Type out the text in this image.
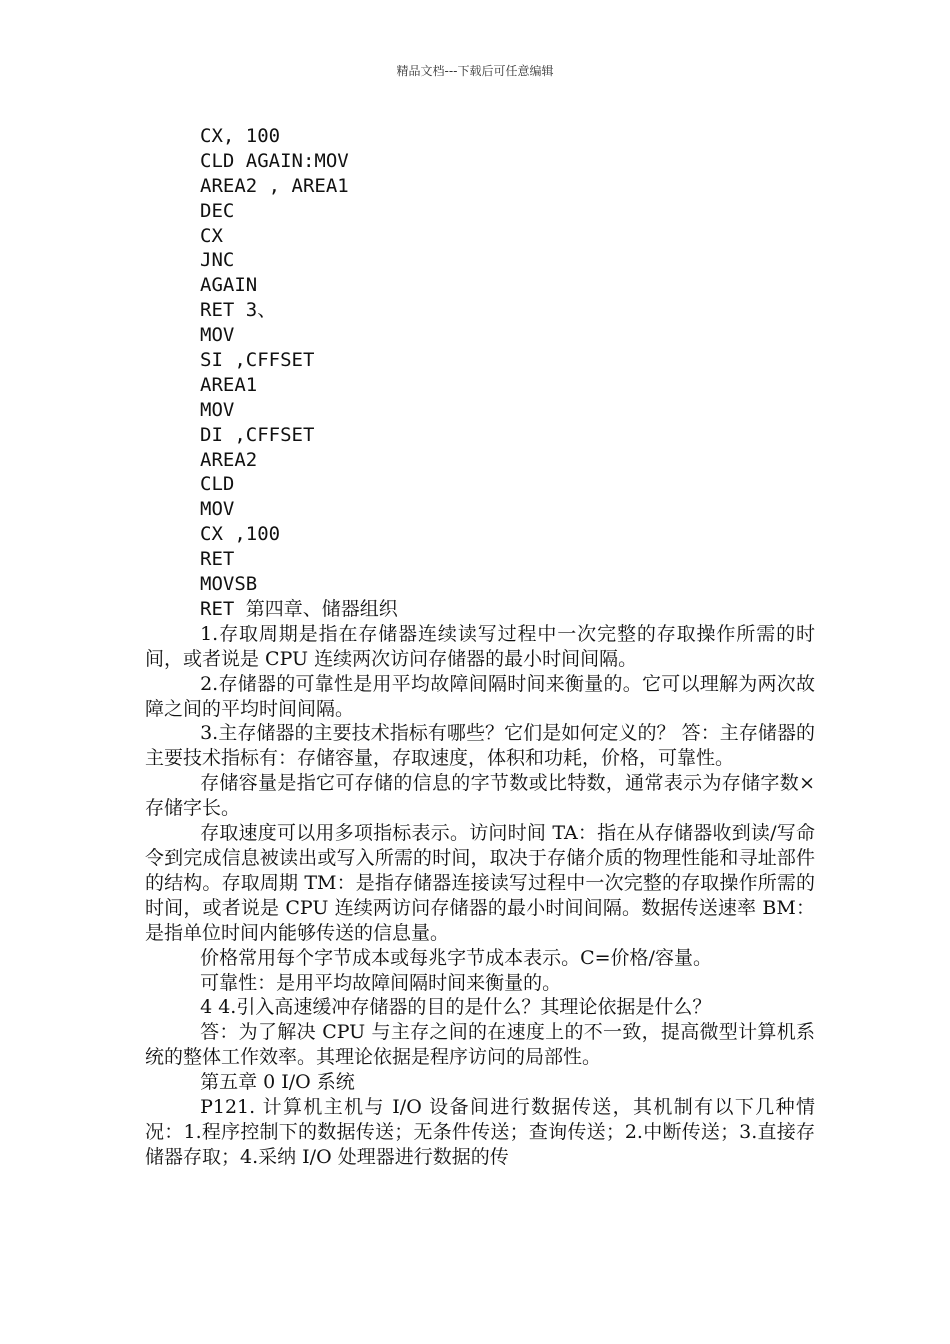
精品文档---下载后可任意编辑
CX, 100
CLD AGAIN:MOV
AREA2 , AREA1
DEC
CX
JNC
AGAIN
RET 3、
MOV
SI ,CFFSET
AREA1
MOV
DI ,CFFSET
AREA2
CLD
MOV
CX ,100
RET
MOVSB
RET 第四章、储器组织

1.存取周期是指在存储器连续读写过程中一次完整的存取操作所需的时间，或者说是 CPU 连续两次访问存储器的最小时间间隔。

2.存储器的可靠性是用平均故障间隔时间来衡量的。它可以理解为两次故障之间的平均时间间隔。

3.主存储器的主要技术指标有哪些？它们是如何定义的？ 答：主存储器的主要技术指标有：存储容量，存取速度，体积和功耗，价格，可靠性。

存储容量是指它可存储的信息的字节数或比特数，通常表示为存储字数×存储字长。

存取速度可以用多项指标表示。访问时间 TA：指在从存储器收到读/写命令到完成信息被读出或写入所需的时间，取决于存储介质的物理性能和寻址部件的结构。存取周期 TM：是指存储器连接读写过程中一次完整的存取操作所需的时间，或者说是 CPU 连续两访问存储器的最小时间间隔。数据传送速率 BM：是指单位时间内能够传送的信息量。

价格常用每个字节成本或每兆字节成本表示。C=价格/容量。

可靠性：是用平均故障间隔时间来衡量的。

4 4.引入高速缓冲存储器的目的是什么？其理论依据是什么？

答：为了解决 CPU 与主存之间的在速度上的不一致，提高微型计算机系统的整体工作效率。其理论依据是程序访问的局部性。

第五章 0 I/O 系统

P121. 计算机主机与 I/O 设备间进行数据传送，其机制有以下几种情况：1.程序控制下的数据传送；无条件传送；查询传送；2.中断传送；3.直接存储器存取；4.采纳 I/O 处理器进行数据的传
